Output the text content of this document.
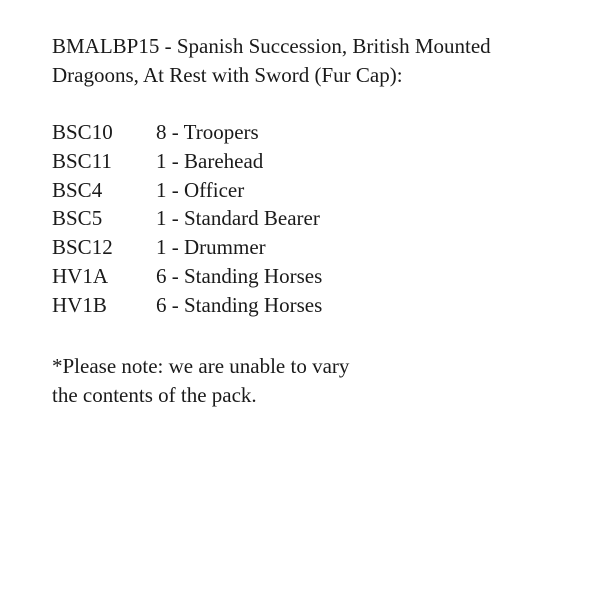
BMALBP15 - Spanish Succession, British Mounted
Dragoons, At Rest with Sword (Fur Cap):
BSC10	8 - Troopers
BSC11	1 - Barehead
BSC4	1 - Officer
BSC5	1 - Standard Bearer
BSC12	1 - Drummer
HV1A	6 - Standing Horses
HV1B	6 - Standing Horses
*Please note: we are unable to vary
the contents of the pack.
